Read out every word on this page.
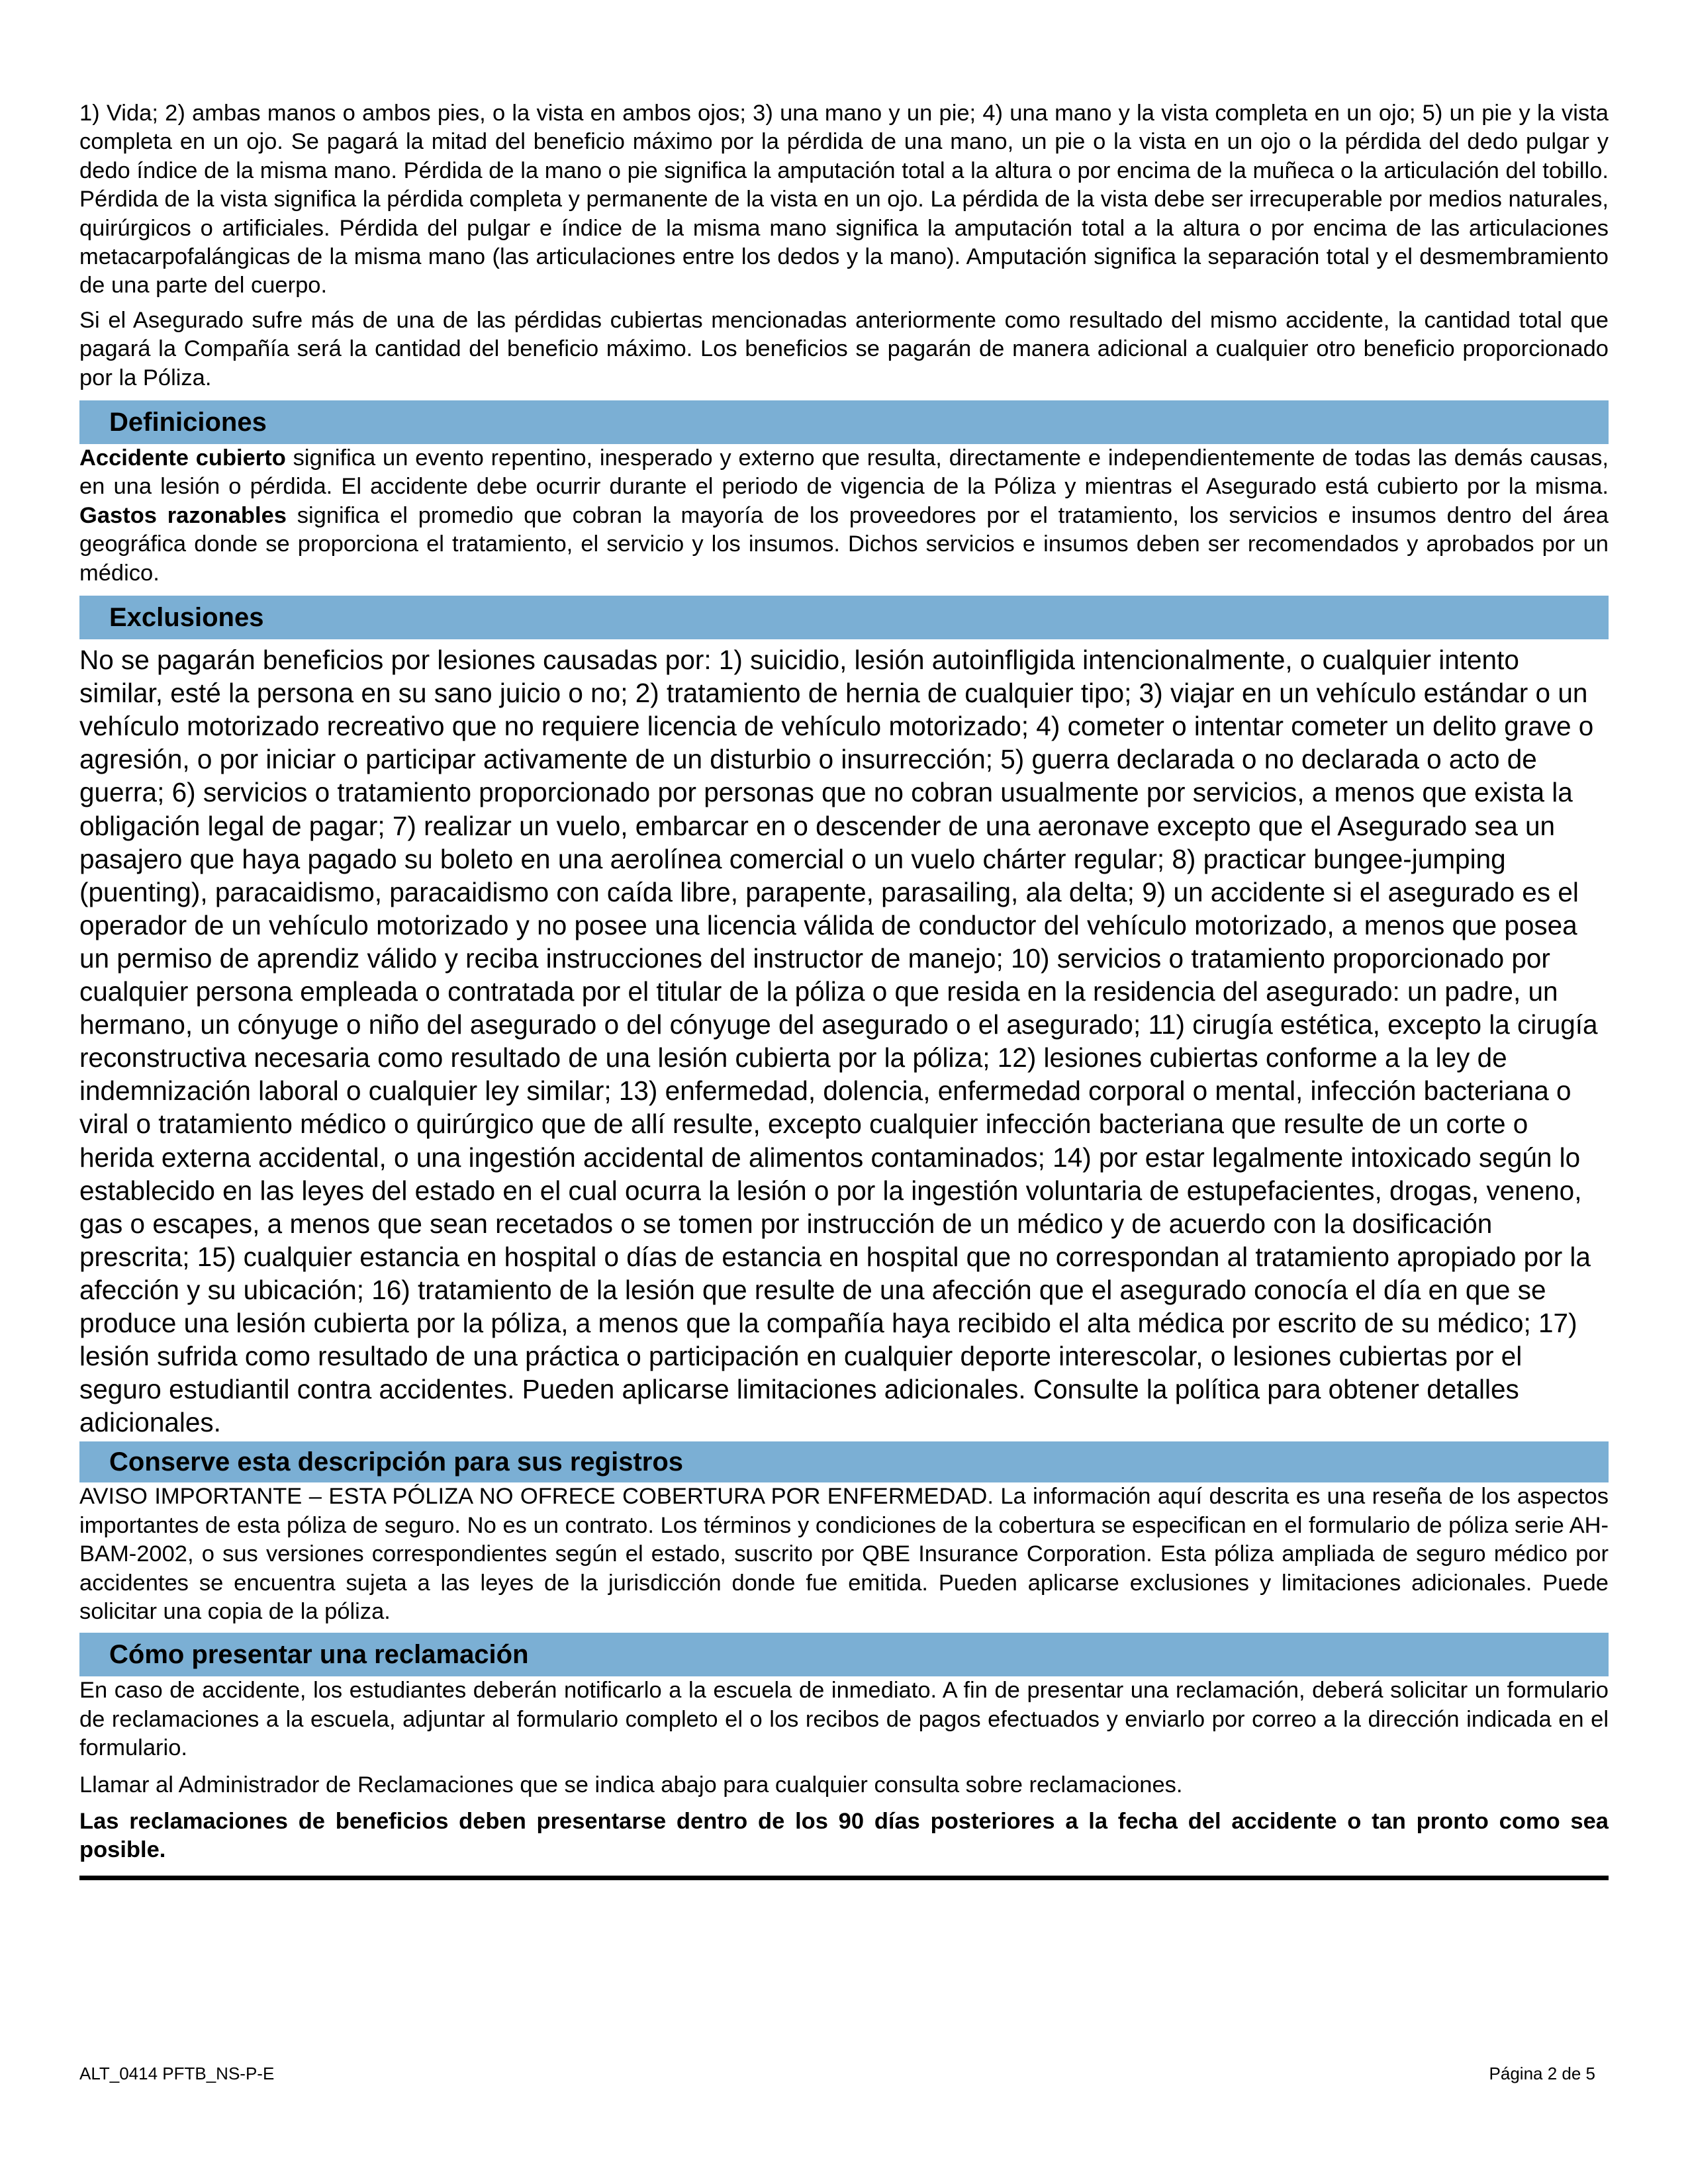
1) Vida; 2) ambas manos o ambos pies, o la vista en ambos ojos; 3) una mano y un pie; 4) una mano y la vista completa en un ojo; 5) un pie y la vista completa en un ojo. Se pagará la mitad del beneficio máximo por la pérdida de una mano, un pie o la vista en un ojo o la pérdida del dedo pulgar y dedo índice de la misma mano. Pérdida de la mano o pie significa la amputación total a la altura o por encima de la muñeca o la articulación del tobillo. Pérdida de la vista significa la pérdida completa y permanente de la vista en un ojo. La pérdida de la vista debe ser irrecuperable por medios naturales, quirúrgicos o artificiales. Pérdida del pulgar e índice de la misma mano significa la amputación total a la altura o por encima de las articulaciones metacarpofalángicas de la misma mano (las articulaciones entre los dedos y la mano). Amputación significa la separación total y el desmembramiento de una parte del cuerpo.

Si el Asegurado sufre más de una de las pérdidas cubiertas mencionadas anteriormente como resultado del mismo accidente, la cantidad total que pagará la Compañía será la cantidad del beneficio máximo. Los beneficios se pagarán de manera adicional a cualquier otro beneficio proporcionado por la Póliza.

Definiciones

Accidente cubierto significa un evento repentino, inesperado y externo que resulta, directamente e independientemente de todas las demás causas, en una lesión o pérdida. El accidente debe ocurrir durante el periodo de vigencia de la Póliza y mientras el Asegurado está cubierto por la misma. Gastos razonables significa el promedio que cobran la mayoría de los proveedores por el tratamiento, los servicios e insumos dentro del área geográfica donde se proporciona el tratamiento, el servicio y los insumos. Dichos servicios e insumos deben ser recomendados y aprobados por un médico.

Exclusiones

No se pagarán beneficios por lesiones causadas por: 1) suicidio, lesión autoinfligida intencionalmente, o cualquier intento similar, esté la persona en su sano juicio o no; 2) tratamiento de hernia de cualquier tipo; 3) viajar en un vehículo estándar o un vehículo motorizado recreativo que no requiere licencia de vehículo motorizado; 4) cometer o intentar cometer un delito grave o agresión, o por iniciar o participar activamente de un disturbio o insurrección; 5) guerra declarada o no declarada o acto de guerra; 6) servicios o tratamiento proporcionado por personas que no cobran usualmente por servicios, a menos que exista la obligación legal de pagar; 7) realizar un vuelo, embarcar en o descender de una aeronave excepto que el Asegurado sea un pasajero que haya pagado su boleto en una aerolínea comercial o un vuelo chárter regular; 8) practicar bungee-jumping (puenting), paracaidismo, paracaidismo con caída libre, parapente, parasailing, ala delta; 9) un accidente si el asegurado es el operador de un vehículo motorizado y no posee una licencia válida de conductor del vehículo motorizado, a menos que posea un permiso de aprendiz válido y reciba instrucciones del instructor de manejo; 10) servicios o tratamiento proporcionado por cualquier persona empleada o contratada por el titular de la póliza o que resida en la residencia del asegurado: un padre, un hermano, un cónyuge o niño del asegurado o del cónyuge del asegurado o el asegurado; 11) cirugía estética, excepto la cirugía reconstructiva necesaria como resultado de una lesión cubierta por la póliza; 12) lesiones cubiertas conforme a la ley de indemnización laboral o cualquier ley similar; 13) enfermedad, dolencia, enfermedad corporal o mental, infección bacteriana o viral o tratamiento médico o quirúrgico que de allí resulte, excepto cualquier infección bacteriana que resulte de un corte o herida externa accidental, o una ingestión accidental de alimentos contaminados; 14) por estar legalmente intoxicado según lo establecido en las leyes del estado en el cual ocurra la lesión o por la ingestión voluntaria de estupefacientes, drogas, veneno, gas o escapes, a menos que sean recetados o se tomen por instrucción de un médico y de acuerdo con la dosificación prescrita; 15) cualquier estancia en hospital o días de estancia en hospital que no correspondan al tratamiento apropiado por la afección y su ubicación; 16) tratamiento de la lesión que resulte de una afección que el asegurado conocía el día en que se produce una lesión cubierta por la póliza, a menos que la compañía haya recibido el alta médica por escrito de su médico; 17) lesión sufrida como resultado de una práctica o participación en cualquier deporte interescolar, o lesiones cubiertas por el seguro estudiantil contra accidentes. Pueden aplicarse limitaciones adicionales. Consulte la política para obtener detalles adicionales.

Conserve esta descripción para sus registros

AVISO IMPORTANTE – ESTA PÓLIZA NO OFRECE COBERTURA POR ENFERMEDAD. La información aquí descrita es una reseña de los aspectos importantes de esta póliza de seguro. No es un contrato. Los términos y condiciones de la cobertura se especifican en el formulario de póliza serie AH-BAM-2002, o sus versiones correspondientes según el estado, suscrito por QBE Insurance Corporation. Esta póliza ampliada de seguro médico por accidentes se encuentra sujeta a las leyes de la jurisdicción donde fue emitida. Pueden aplicarse exclusiones y limitaciones adicionales. Puede solicitar una copia de la póliza.

Cómo presentar una reclamación

En caso de accidente, los estudiantes deberán notificarlo a la escuela de inmediato. A fin de presentar una reclamación, deberá solicitar un formulario de reclamaciones a la escuela, adjuntar al formulario completo el o los recibos de pagos efectuados y enviarlo por correo a la dirección indicada en el formulario.

Llamar al Administrador de Reclamaciones que se indica abajo para cualquier consulta sobre reclamaciones.

Las reclamaciones de beneficios deben presentarse dentro de los 90 días posteriores a la fecha del accidente o tan pronto como sea posible.

ALT_0414 PFTB_NS-P-E	Página 2 de 5
